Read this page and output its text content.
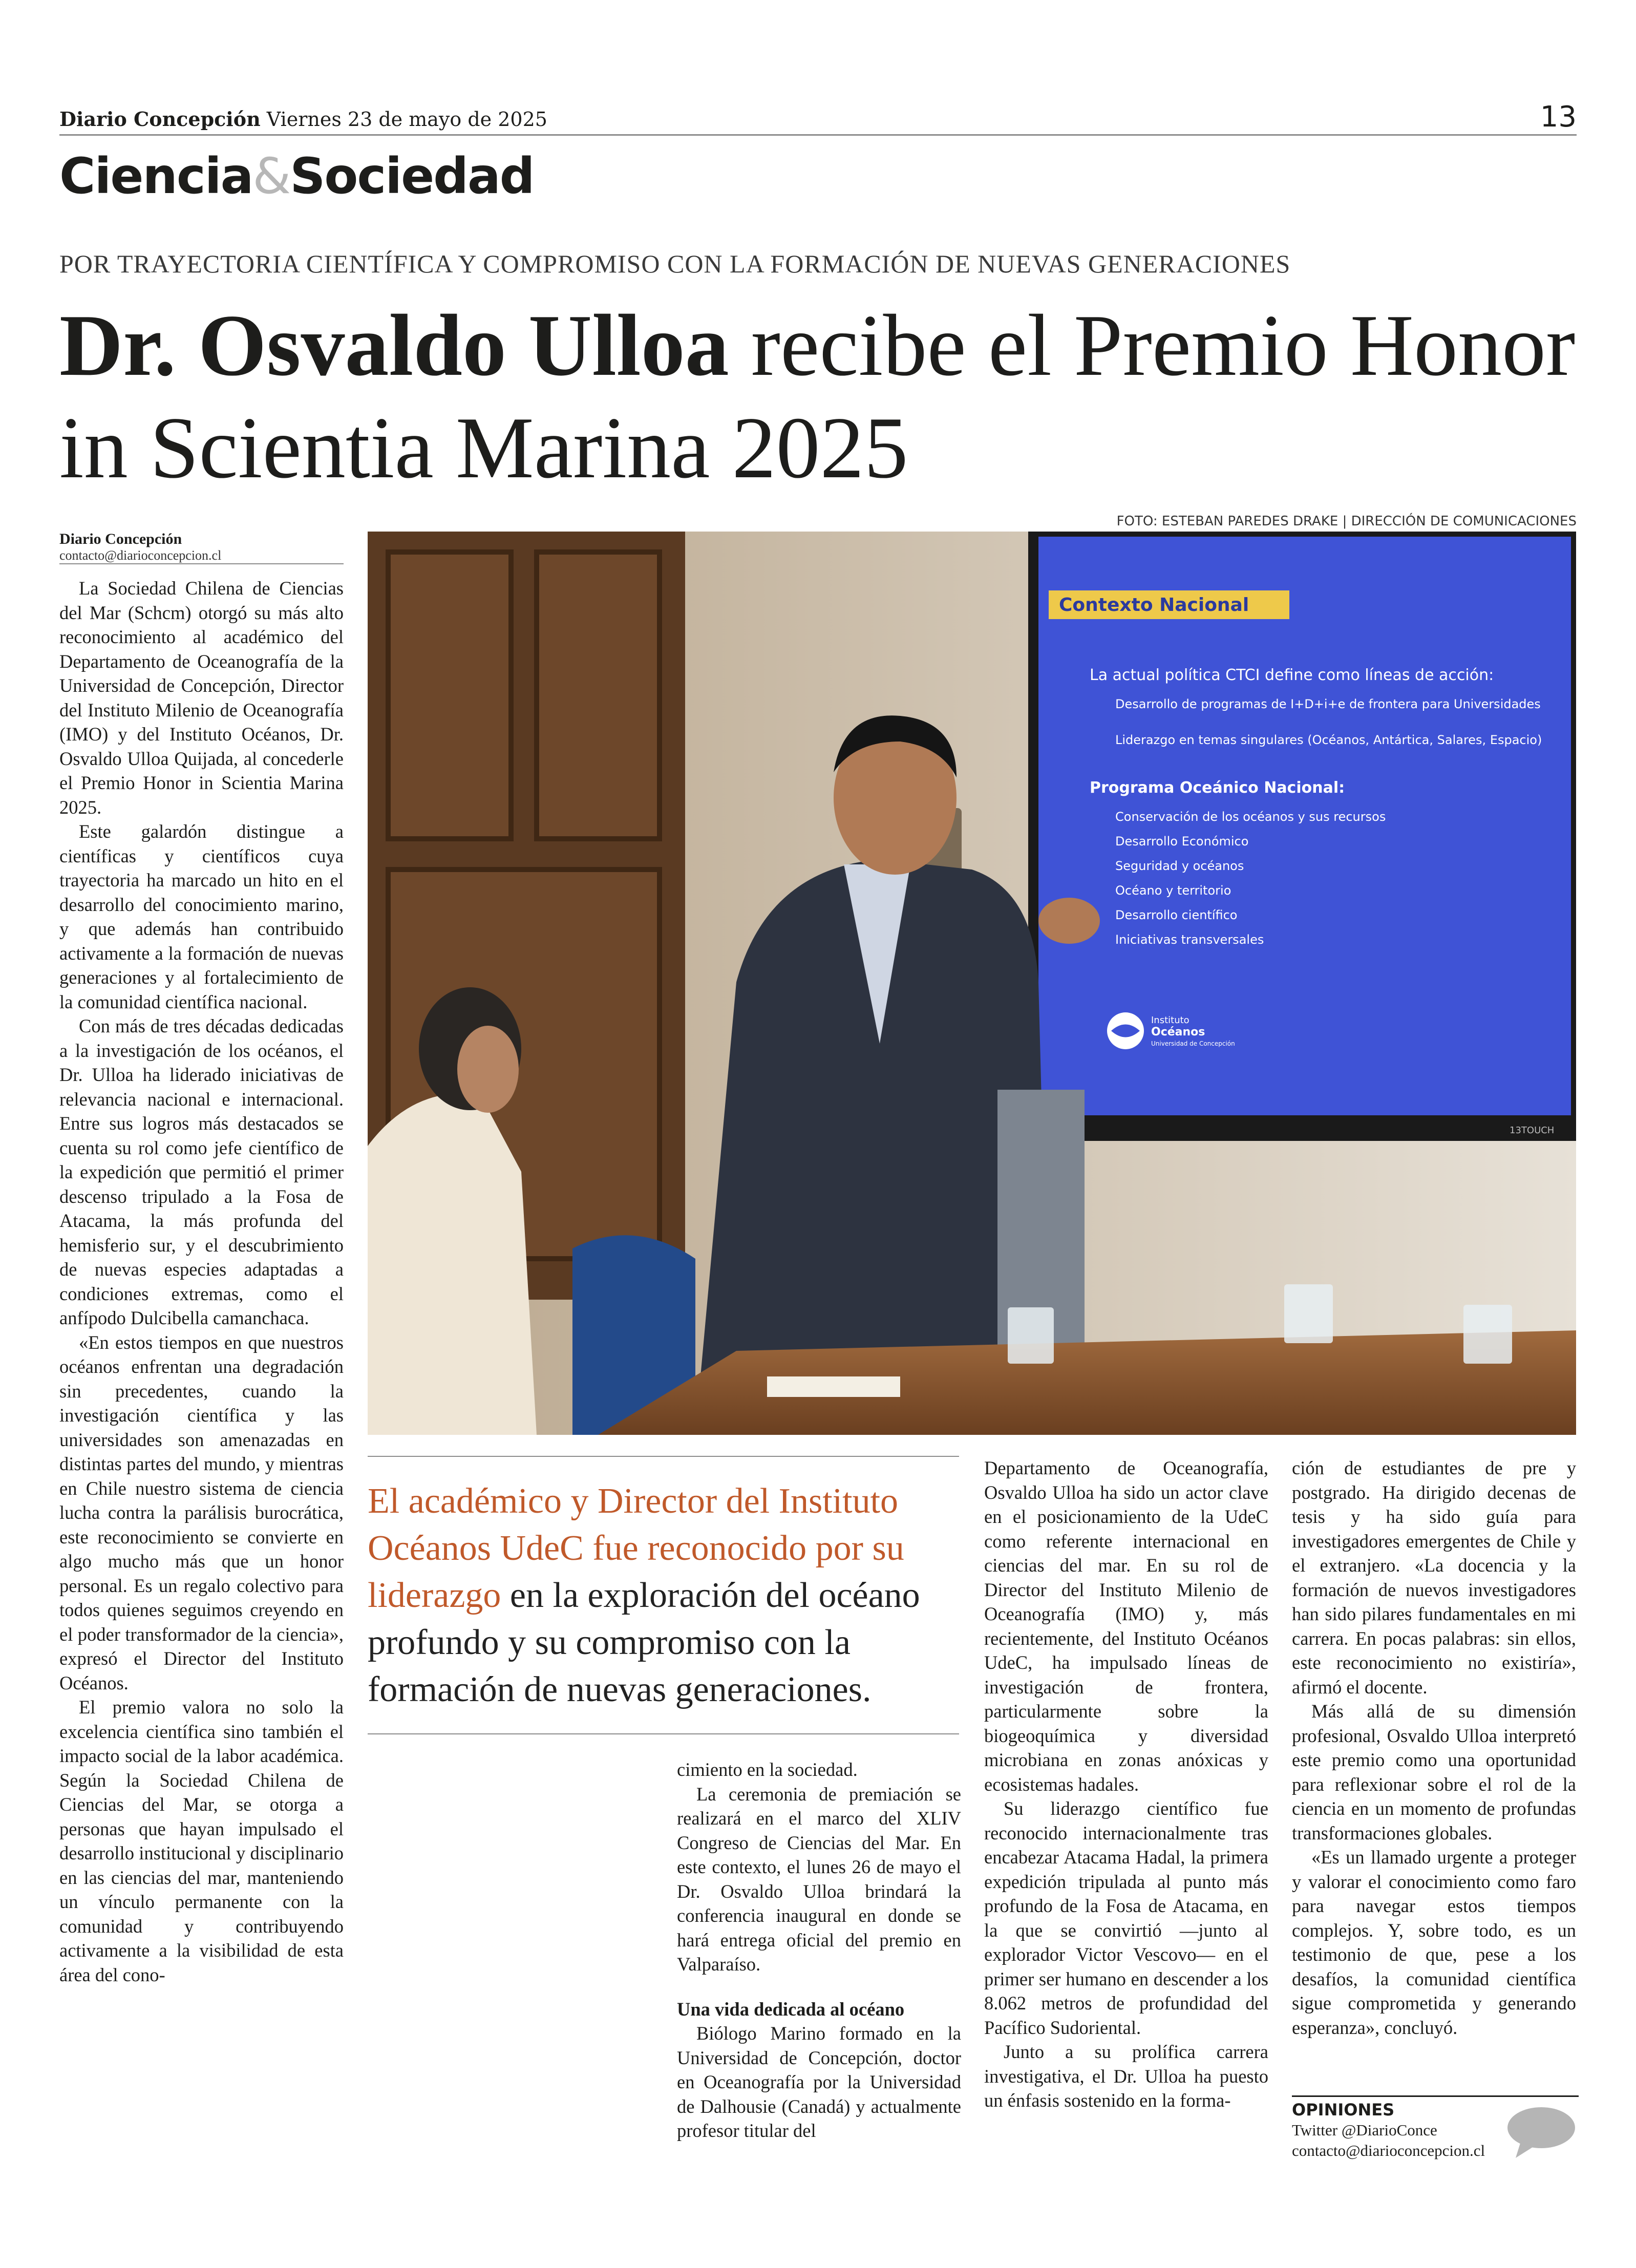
Diario Concepción Viernes 23 de mayo de 2025	13
Ciencia&Sociedad
POR TRAYECTORIA CIENTÍFICA Y COMPROMISO CON LA FORMACIÓN DE NUEVAS GENERACIONES
Dr. Osvaldo Ulloa recibe el Premio Honor in Scientia Marina 2025
Diario Concepción
contacto@diarioconcepcion.cl

La Sociedad Chilena de Ciencias del Mar (Schcm) otorgó su más alto reconocimiento al académico del Departamento de Oceanografía de la Universidad de Concepción, Director del Instituto Milenio de Oceanografía (IMO) y del Instituto Océanos, Dr. Osvaldo Ulloa Quijada, al concederle el Premio Honor in Scientia Marina 2025.

Este galardón distingue a científicas y científicos cuya trayectoria ha marcado un hito en el desarrollo del conocimiento marino, y que además han contribuido activamente a la formación de nuevas generaciones y al fortalecimiento de la comunidad científica nacional.

Con más de tres décadas dedicadas a la investigación de los océanos, el Dr. Ulloa ha liderado iniciativas de relevancia nacional e internacional. Entre sus logros más destacados se cuenta su rol como jefe científico de la expedición que permitió el primer descenso tripulado a la Fosa de Atacama, la más profunda del hemisferio sur, y el descubrimiento de nuevas especies adaptadas a condiciones extremas, como el anfípodo Dulcibella camanchaca.

«En estos tiempos en que nuestros océanos enfrentan una degradación sin precedentes, cuando la investigación científica y las universidades son amenazadas en distintas partes del mundo, y mientras en Chile nuestro sistema de ciencia lucha contra la parálisis burocrática, este reconocimiento se convierte en algo mucho más que un honor personal. Es un regalo colectivo para todos quienes seguimos creyendo en el poder transformador de la ciencia», expresó el Director del Instituto Océanos.

El premio valora no solo la excelencia científica sino también el impacto social de la labor académica. Según la Sociedad Chilena de Ciencias del Mar, se otorga a personas que hayan impulsado el desarrollo institucional y disciplinario en las ciencias del mar, manteniendo un vínculo permanente con la comunidad y contribuyendo activamente a la visibilidad de esta área del cono-

FOTO: ESTEBAN PAREDES DRAKE | DIRECCIÓN DE COMUNICACIONES
Contexto Nacional
La actual política CTCI define como líneas de acción:
Desarrollo de programas de I+D+i+e de frontera para Universidades
Liderazgo en temas singulares (Océanos, Antártica, Salares, Espacio)
Programa Oceánico Nacional:
Conservación de los océanos y sus recursos
Desarrollo Económico
Seguridad y océanos
Océano y territorio
Desarrollo científico
Iniciativas transversales
Instituto
Océanos
Universidad de Concepción
13TOUCH
El académico y Director del Instituto Océanos UdeC fue reconocido por su liderazgo en la exploración del océano profundo y su compromiso con la formación de nuevas generaciones.

cimiento en la sociedad.

La ceremonia de premiación se realizará en el marco del XLIV Congreso de Ciencias del Mar. En este contexto, el lunes 26 de mayo el Dr. Osvaldo Ulloa brindará la conferencia inaugural en donde se hará entrega oficial del premio en Valparaíso.

Una vida dedicada al océano

Biólogo Marino formado en la Universidad de Concepción, doctor en Oceanografía por la Universidad de Dalhousie (Canadá) y actualmente profesor titular del

Departamento de Oceanografía, Osvaldo Ulloa ha sido un actor clave en el posicionamiento de la UdeC como referente internacional en ciencias del mar. En su rol de Director del Instituto Milenio de Oceanografía (IMO) y, más recientemente, del Instituto Océanos UdeC, ha impulsado líneas de investigación de frontera, particularmente sobre la biogeoquímica y diversidad microbiana en zonas anóxicas y ecosistemas hadales.

Su liderazgo científico fue reconocido internacionalmente tras encabezar Atacama Hadal, la primera expedición tripulada al punto más profundo de la Fosa de Atacama, en la que se convirtió —junto al explorador Victor Vescovo— en el primer ser humano en descender a los 8.062 metros de profundidad del Pacífico Sudoriental.

Junto a su prolífica carrera investigativa, el Dr. Ulloa ha puesto un énfasis sostenido en la forma-

ción de estudiantes de pre y postgrado. Ha dirigido decenas de tesis y ha sido guía para investigadores emergentes de Chile y el extranjero. «La docencia y la formación de nuevos investigadores han sido pilares fundamentales en mi carrera. En pocas palabras: sin ellos, este reconocimiento no existiría», afirmó el docente.

Más allá de su dimensión profesional, Osvaldo Ulloa interpretó este premio como una oportunidad para reflexionar sobre el rol de la ciencia en un momento de profundas transformaciones globales.

«Es un llamado urgente a proteger y valorar el conocimiento como faro para navegar estos tiempos complejos. Y, sobre todo, es un testimonio de que, pese a los desafíos, la comunidad científica sigue comprometida y generando esperanza», concluyó.

OPINIONES
Twitter @DiarioConce
contacto@diarioconcepcion.cl
